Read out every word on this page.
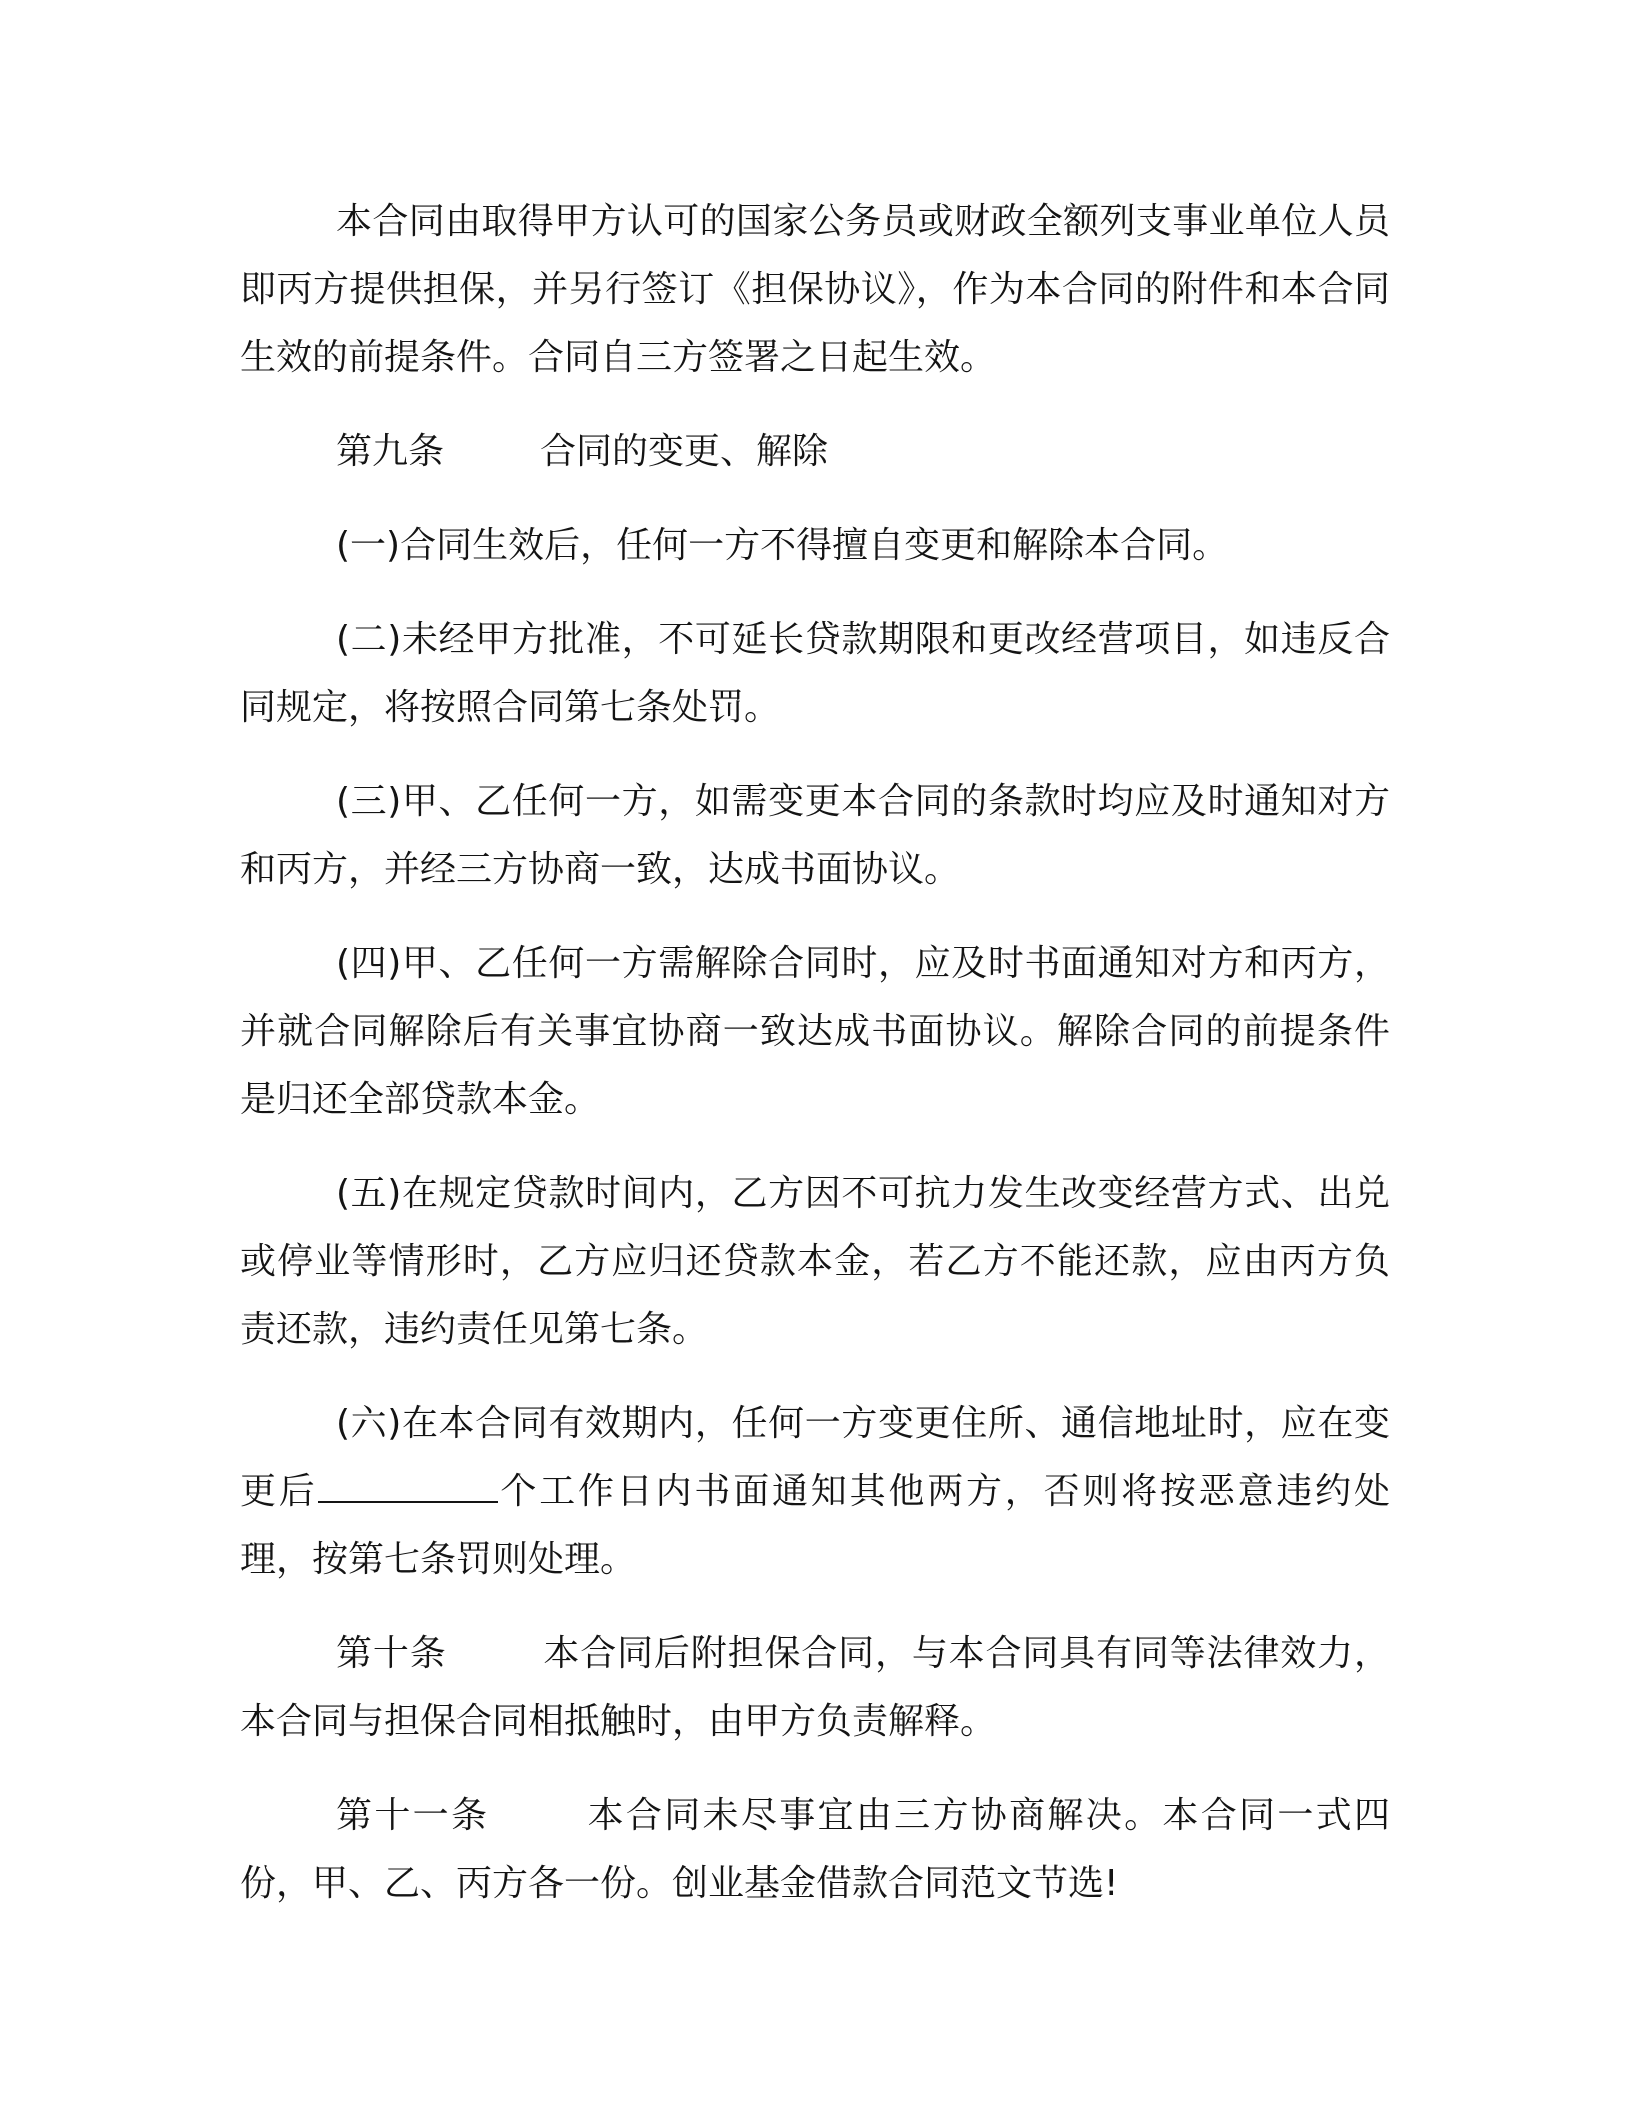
本合同由取得甲方认可的国家公务员或财政全额列支事业单位人员即丙方提供担保，并另行签订《担保协议》，作为本合同的附件和本合同生效的前提条件。合同自三方签署之日起生效。

第九条	合同的变更、解除

(一)合同生效后，任何一方不得擅自变更和解除本合同。

(二)未经甲方批准，不可延长贷款期限和更改经营项目，如违反合同规定，将按照合同第七条处罚。

(三)甲、乙任何一方，如需变更本合同的条款时均应及时通知对方和丙方，并经三方协商一致，达成书面协议。

(四)甲、乙任何一方需解除合同时，应及时书面通知对方和丙方，并就合同解除后有关事宜协商一致达成书面协议。解除合同的前提条件是归还全部贷款本金。

(五)在规定贷款时间内，乙方因不可抗力发生改变经营方式、出兑或停业等情形时，乙方应归还贷款本金，若乙方不能还款，应由丙方负责还款，违约责任见第七条。

(六)在本合同有效期内，任何一方变更住所、通信地址时，应在变更后	个工作日内书面通知其他两方，否则将按恶意违约处理，按第七条罚则处理。

第十条	本合同后附担保合同，与本合同具有同等法律效力，本合同与担保合同相抵触时，由甲方负责解释。

第十一条	本合同未尽事宜由三方协商解决。本合同一式四份，甲、乙、丙方各一份。创业基金借款合同范文节选!
